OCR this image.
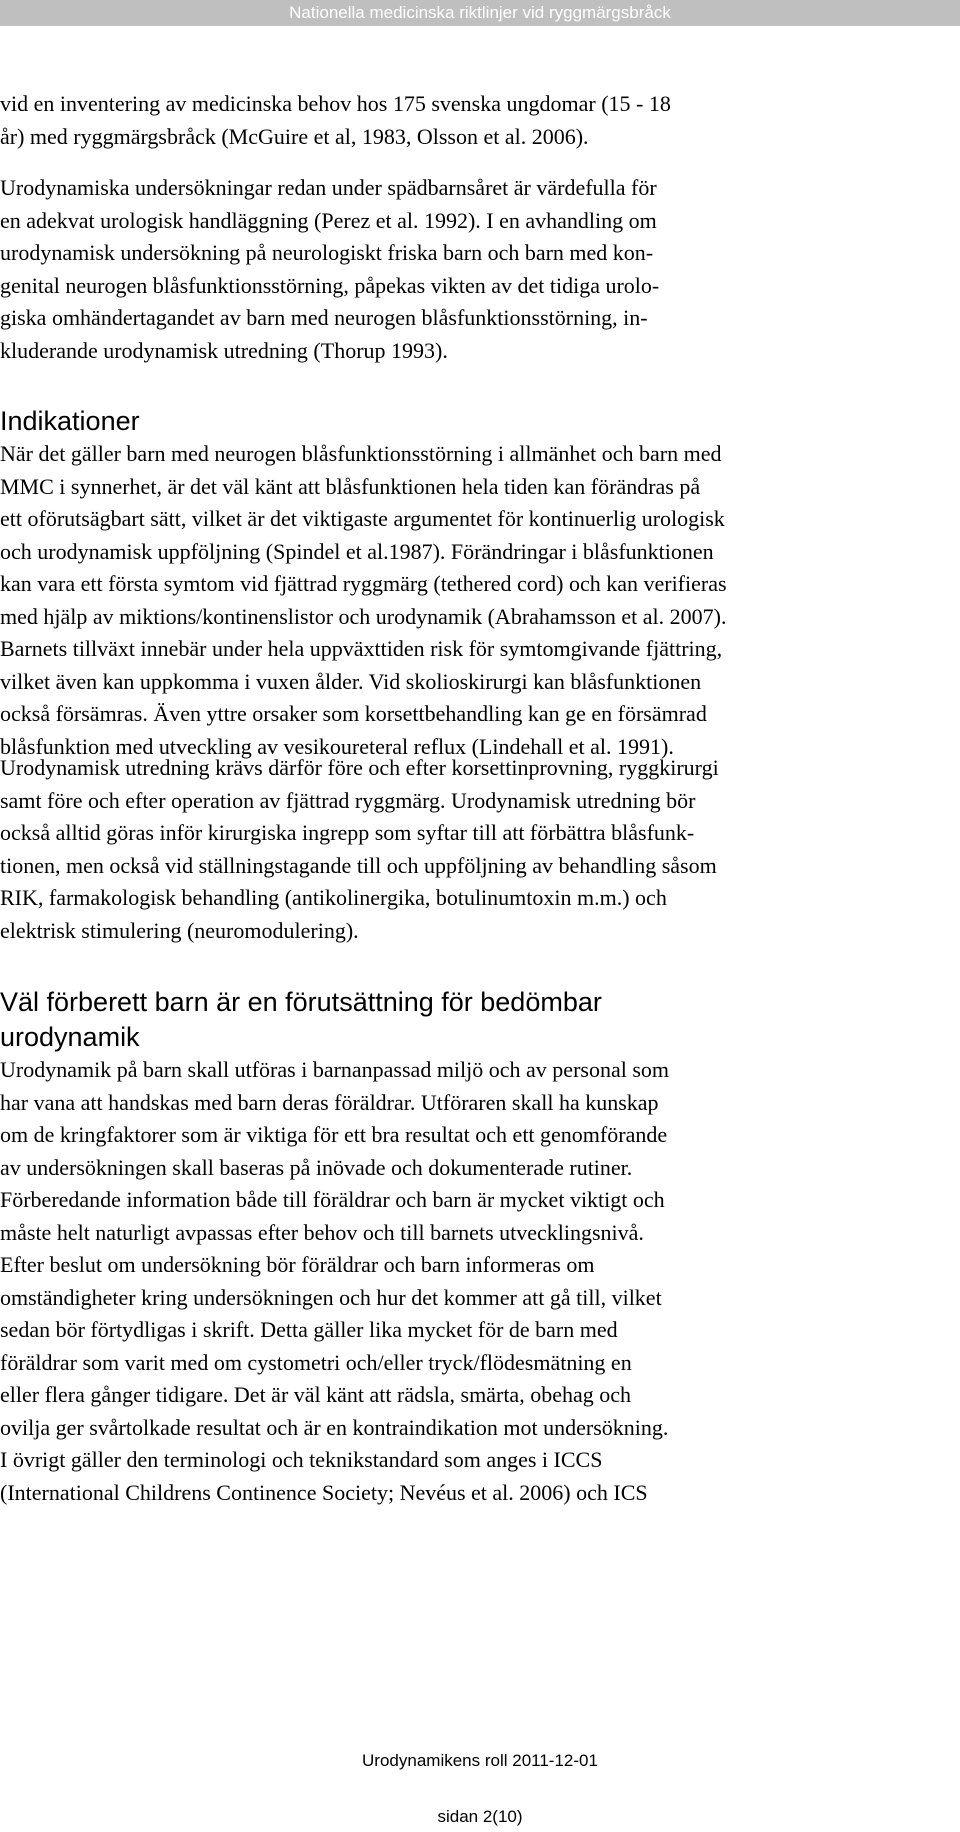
Nationella medicinska riktlinjer vid ryggmärgsbråck

vid en inventering av medicinska behov hos 175 svenska ungdomar (15 - 18
år) med ryggmärgsbråck (McGuire et al, 1983, Olsson et al. 2006).

Urodynamiska undersökningar redan under spädbarnsåret är värdefulla för
en adekvat urologisk handläggning (Perez et al. 1992). I en avhandling om
urodynamisk undersökning på neurologiskt friska barn och barn med kon-
genital neurogen blåsfunktionsstörning, påpekas vikten av det tidiga urolo-
giska omhändertagandet av barn med neurogen blåsfunktionsstörning, in-
kluderande urodynamisk utredning (Thorup 1993).

Indikationer

När det gäller barn med neurogen blåsfunktionsstörning i allmänhet och barn med
MMC i synnerhet, är det väl känt att blåsfunktionen hela tiden kan förändras på
ett oförutsägbart sätt, vilket är det viktigaste argumentet för kontinuerlig urologisk
och urodynamisk uppföljning (Spindel et al.1987). Förändringar i blåsfunktionen
kan vara ett första symtom vid fjättrad ryggmärg (tethered cord) och kan verifieras
med hjälp av miktions/kontinenslistor och urodynamik (Abrahamsson et al. 2007).
Barnets tillväxt innebär under hela uppväxttiden risk för symtomgivande fjättring,
vilket även kan uppkomma i vuxen ålder. Vid skolioskirurgi kan blåsfunktionen
också försämras. Även yttre orsaker som korsettbehandling kan ge en försämrad
blåsfunktion med utveckling av vesikoureteral reflux (Lindehall et al. 1991).

Urodynamisk utredning krävs därför före och efter korsettinprovning, ryggkirurgi
samt före och efter operation av fjättrad ryggmärg. Urodynamisk utredning bör
också alltid göras inför kirurgiska ingrepp som syftar till att förbättra blåsfunk-
tionen, men också vid ställningstagande till och uppföljning av behandling såsom
RIK, farmakologisk behandling (antikolinergika, botulinumtoxin m.m.) och
elektrisk stimulering (neuromodulering).

Väl förberett barn är en förutsättning för bedömbar
urodynamik

Urodynamik på barn skall utföras i barnanpassad miljö och av personal som
har vana att handskas med barn deras föräldrar. Utföraren skall ha kunskap
om de kringfaktorer som är viktiga för ett bra resultat och ett genomförande
av undersökningen skall baseras på inövade och dokumenterade rutiner.
Förberedande information både till föräldrar och barn är mycket viktigt och
måste helt naturligt avpassas efter behov och till barnets utvecklingsnivå.
Efter beslut om undersökning bör föräldrar och barn informeras om
omständigheter kring undersökningen och hur det kommer att gå till, vilket
sedan bör förtydligas i skrift. Detta gäller lika mycket för de barn med
föräldrar som varit med om cystometri och/eller tryck/flödesmätning en
eller flera gånger tidigare. Det är väl känt att rädsla, smärta, obehag och
ovilja ger svårtolkade resultat och är en kontraindikation mot undersökning.
I övrigt gäller den terminologi och teknikstandard som anges i ICCS
(International Childrens Continence Society; Nevéus et al. 2006) och ICS

Urodynamikens roll 2011-12-01
sidan 2(10)
